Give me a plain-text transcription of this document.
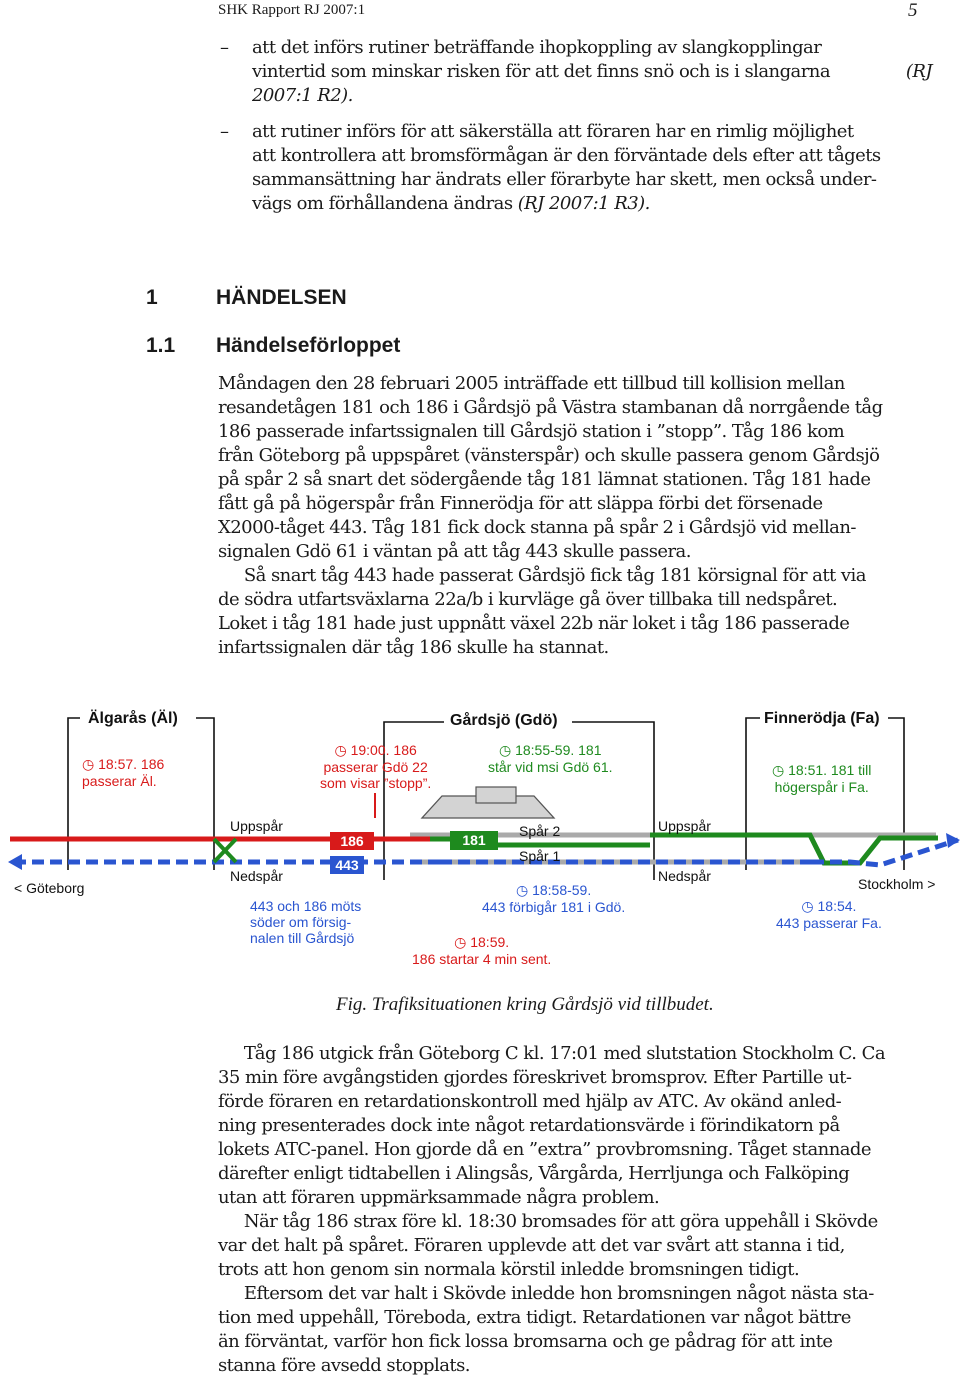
SHK Rapport RJ 2007:1	5
–	att det införs rutiner beträffande ihopkoppling av slangkopplingar
vintertid som minskar risken för att det finns snö och is i slangarna	(RJ
2007:1 R2).
–	att rutiner införs för att säkerställa att föraren har en rimlig möjlighet
att kontrollera att bromsförmågan är den förväntade dels efter att tågets
sammansättning har ändrats eller förarbyte har skett, men också under-
vägs om förhållandena ändras (RJ 2007:1 R3).
1	HÄNDELSEN
1.1 Händelseförloppet
Måndagen den 28 februari 2005 inträffade ett tillbud till kollision mellan
resandetågen 181 och 186 i Gårdsjö på Västra stambanan då norrgående tåg
186 passerade infartssignalen till Gårdsjö station i ”stopp”. Tåg 186 kom
från Göteborg på uppspåret (vänsterspår) och skulle passera genom Gårdsjö
på spår 2 så snart det södergående tåg 181 lämnat stationen. Tåg 181 hade
fått gå på högerspår från Finnerödja för att släppa förbi det försenade
X2000-tåget 443. Tåg 181 fick dock stanna på spår 2 i Gårdsjö vid mellan-
signalen Gdö 61 i väntan på att tåg 443 skulle passera.
Så snart tåg 443 hade passerat Gårdsjö fick tåg 181 körsignal för att via
de södra utfartsväxlarna 22a/b i kurvläge gå över tillbaka till nedspåret.
Loket i tåg 181 hade just uppnått växel 22b när loket i tåg 186 passerade
infartssignalen där tåg 186 skulle ha stannat.
186
443
181
Älgarås (Äl)	Gårdsjö (Gdö)	Finnerödja (Fa)
◷ 18:57. 186
passerar Äl.
◷ 19:00. 186
passerar Gdö 22
som visar ”stopp”.
◷ 18:55-59. 181
står vid msi Gdö 61.	◷ 18:51. 181 till
högerspår i Fa.
Uppspår
Nedspår
Uppspår
Nedspår
Spår 2
Spår 1
< Göteborg	Stockholm >
443 och 186 möts
söder om försig-
nalen till Gårdsjö
◷ 18:58-59.
443 förbigår 181 i Gdö.	◷ 18:54.
443 passerar Fa.
◷ 18:59.
186 startar 4 min sent.
Fig. Trafiksituationen kring Gårdsjö vid tillbudet.
Tåg 186 utgick från Göteborg C kl. 17:01 med slutstation Stockholm C. Ca
35 min före avgångstiden gjordes föreskrivet bromsprov. Efter Partille ut-
förde föraren en retardationskontroll med hjälp av ATC. Av okänd anled-
ning presenterades dock inte något retardationsvärde i förindikatorn på
lokets ATC-panel. Hon gjorde då en ”extra” provbromsning. Tåget stannade
därefter enligt tidtabellen i Alingsås, Vårgårda, Herrljunga och Falköping
utan att föraren uppmärksammade några problem.
När tåg 186 strax före kl. 18:30 bromsades för att göra uppehåll i Skövde
var det halt på spåret. Föraren upplevde att det var svårt att stanna i tid,
trots att hon genom sin normala körstil inledde bromsningen tidigt.
Eftersom det var halt i Skövde inledde hon bromsningen något nästa sta-
tion med uppehåll, Töreboda, extra tidigt. Retardationen var något bättre
än förväntat, varför hon fick lossa bromsarna och ge pådrag för att inte
stanna före avsedd stopplats.
